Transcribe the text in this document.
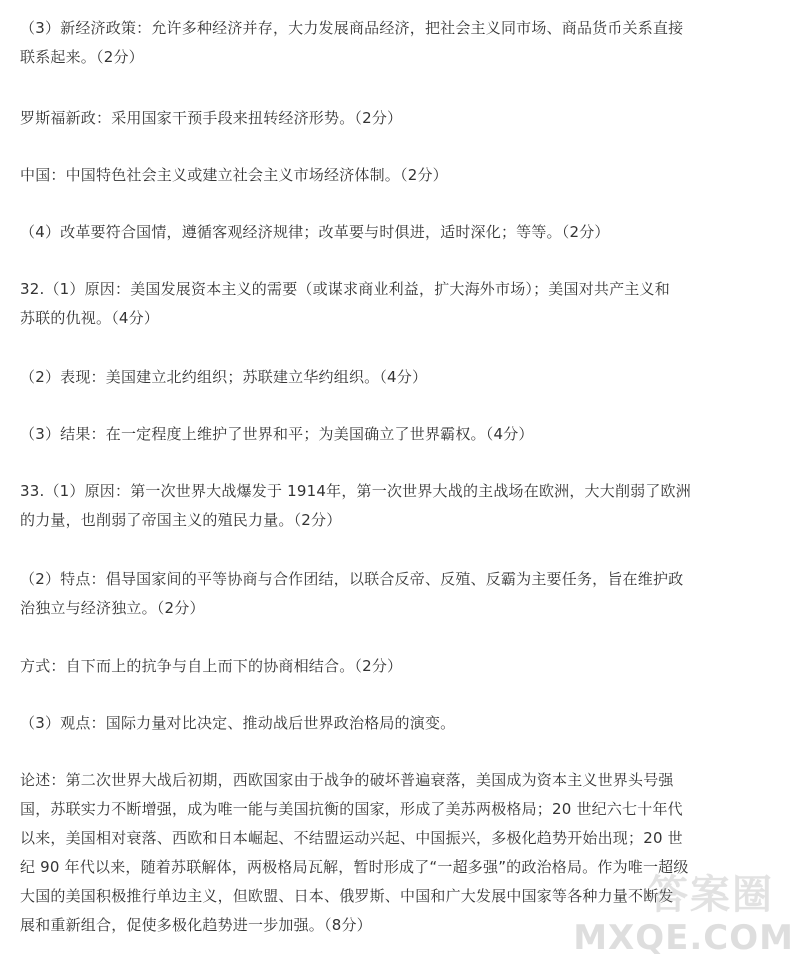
（3）新经济政策：允许多种经济并存，大力发展商品经济，把社会主义同市场、商品货币关系直接
联系起来。（2分）
罗斯福新政：采用国家干预手段来扭转经济形势。（2分）
中国：中国特色社会主义或建立社会主义市场经济体制。（2分）
（4）改革要符合国情，遵循客观经济规律；改革要与时俱进，适时深化；等等。（2分）
32.（1）原因：美国发展资本主义的需要（或谋求商业利益，扩大海外市场）；美国对共产主义和
苏联的仇视。（4分）
（2）表现：美国建立北约组织；苏联建立华约组织。（4分）
（3）结果：在一定程度上维护了世界和平；为美国确立了世界霸权。（4分）
33.（1）原因：第一次世界大战爆发于 1914年，第一次世界大战的主战场在欧洲，大大削弱了欧洲
的力量，也削弱了帝国主义的殖民力量。（2分）
（2）特点：倡导国家间的平等协商与合作团结，以联合反帝、反殖、反霸为主要任务，旨在维护政
治独立与经济独立。（2分）
方式：自下而上的抗争与自上而下的协商相结合。（2分）
（3）观点：国际力量对比决定、推动战后世界政治格局的演变。
论述：第二次世界大战后初期，西欧国家由于战争的破坏普遍衰落，美国成为资本主义世界头号强
国，苏联实力不断增强，成为唯一能与美国抗衡的国家，形成了美苏两极格局；20 世纪六七十年代
以来，美国相对衰落、西欧和日本崛起、不结盟运动兴起、中国振兴，多极化趋势开始出现；20 世
纪 90 年代以来，随着苏联解体，两极格局瓦解，暂时形成了“一超多强”的政治格局。作为唯一超级
大国的美国积极推行单边主义，但欧盟、日本、俄罗斯、中国和广大发展中国家等各种力量不断发
展和重新组合，促使多极化趋势进一步加强。（8分）
答案圈
MXQE.COM
